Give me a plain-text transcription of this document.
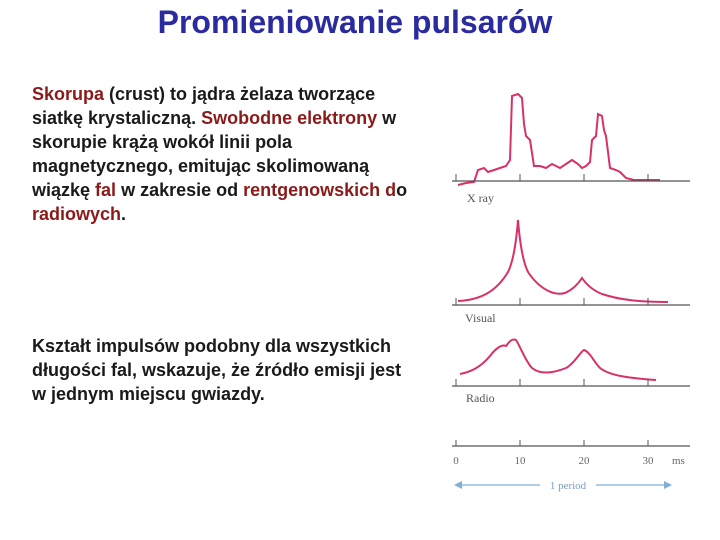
Promieniowanie pulsarów
Skorupa (crust) to jądra żelaza tworzące siatkę krystaliczną. Swobodne elektrony w skorupie krążą wokół linii pola magnetycznego, emitując skolimowaną wiązkę fal w zakresie od rentgenowskich do radiowych.
Kształt impulsów podobny dla wszystkich długości fal, wskazuje, że źródło emisji jest w jednym miejscu gwiazdy.
X ray
Visual
Radio
0	10	20	30 ms
1 period
